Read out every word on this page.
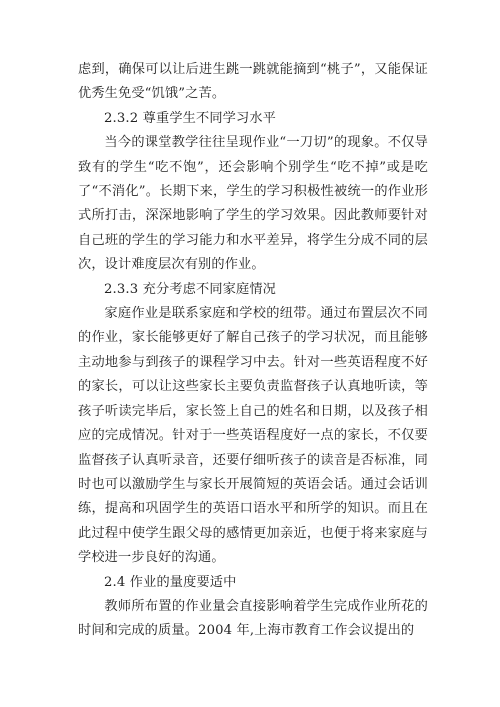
虑到，确保可以让后进生跳一跳就能摘到“桃子”，又能保证优秀生免受“饥饿”之苦。

2.3.2 尊重学生不同学习水平

当今的课堂教学往往呈现作业“一刀切”的现象。不仅导致有的学生“吃不饱”，还会影响个别学生“吃不掉”或是吃了“不消化”。长期下来，学生的学习积极性被统一的作业形式所打击，深深地影响了学生的学习效果。因此教师要针对自己班的学生的学习能力和水平差异，将学生分成不同的层次，设计难度层次有别的作业。

2.3.3 充分考虑不同家庭情况

家庭作业是联系家庭和学校的纽带。通过布置层次不同的作业，家长能够更好了解自己孩子的学习状况，而且能够主动地参与到孩子的课程学习中去。针对一些英语程度不好的家长，可以让这些家长主要负责监督孩子认真地听读，等孩子听读完毕后，家长签上自己的姓名和日期，以及孩子相应的完成情况。针对于一些英语程度好一点的家长，不仅要监督孩子认真听录音，还要仔细听孩子的读音是否标准，同时也可以激励学生与家长开展简短的英语会话。通过会话训练，提高和巩固学生的英语口语水平和所学的知识。而且在此过程中使学生跟父母的感情更加亲近，也便于将来家庭与学校进一步良好的沟通。

2.4 作业的量度要适中

教师所布置的作业量会直接影响着学生完成作业所花的时间和完成的质量。2004 年,上海市教育工作会议提出的
